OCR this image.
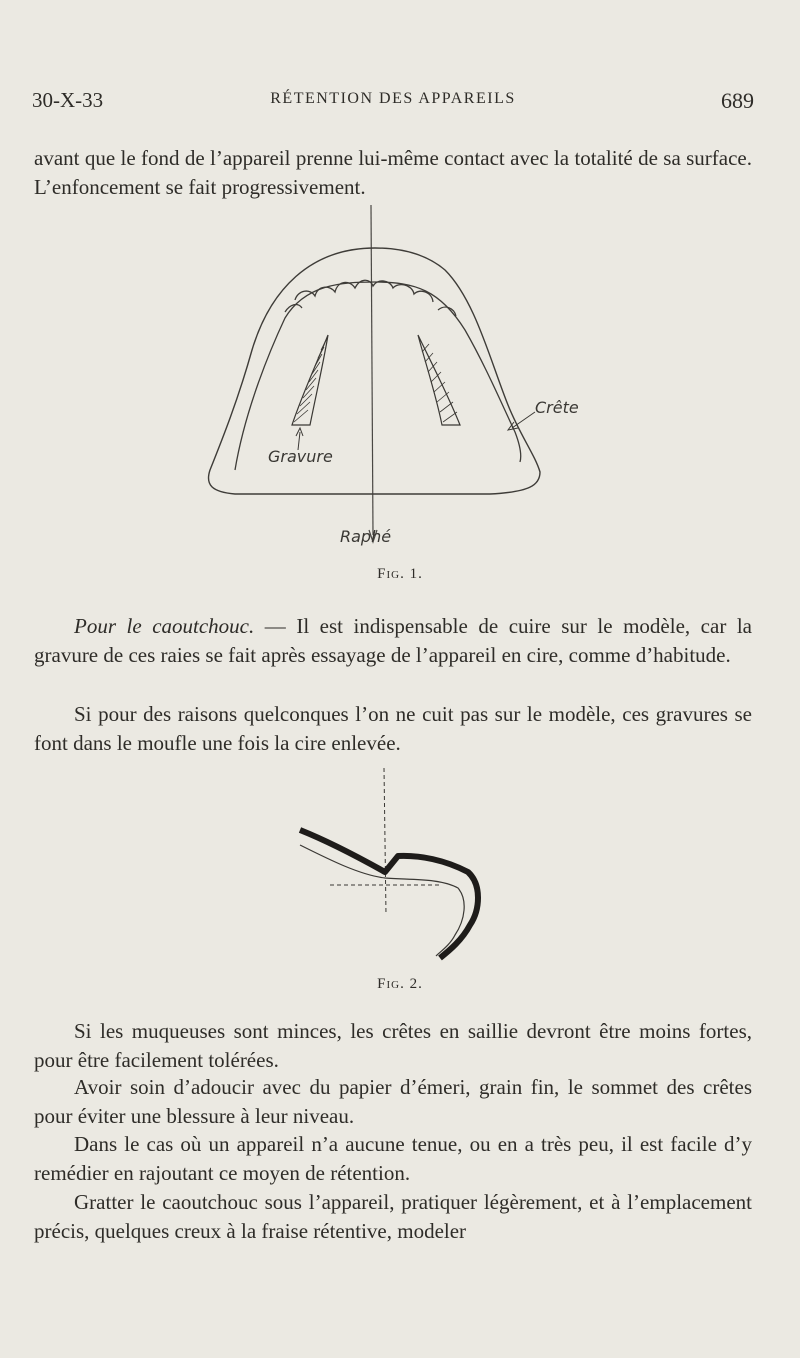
30-X-33	RÉTENTION DES APPAREILS	689
avant que le fond de l’appareil prenne lui-même contact avec la totalité de sa surface. L’enfoncement se fait progressivement.
Gravure
Crête
Raphé
Fig. 1.
Pour le caoutchouc. — Il est indispensable de cuire sur le modèle, car la gravure de ces raies se fait après essayage de l’appareil en cire, comme d’habitude.
Si pour des raisons quelconques l’on ne cuit pas sur le modèle, ces gravures se font dans le moufle une fois la cire enlevée.
Fig. 2.
Si les muqueuses sont minces, les crêtes en saillie devront être moins fortes, pour être facilement tolérées.
Avoir soin d’adoucir avec du papier d’émeri, grain fin, le sommet des crêtes pour éviter une blessure à leur niveau.
Dans le cas où un appareil n’a aucune tenue, ou en a très peu, il est facile d’y remédier en rajoutant ce moyen de rétention.
Gratter le caoutchouc sous l’appareil, pratiquer légèrement, et à l’emplacement précis, quelques creux à la fraise rétentive, modeler
